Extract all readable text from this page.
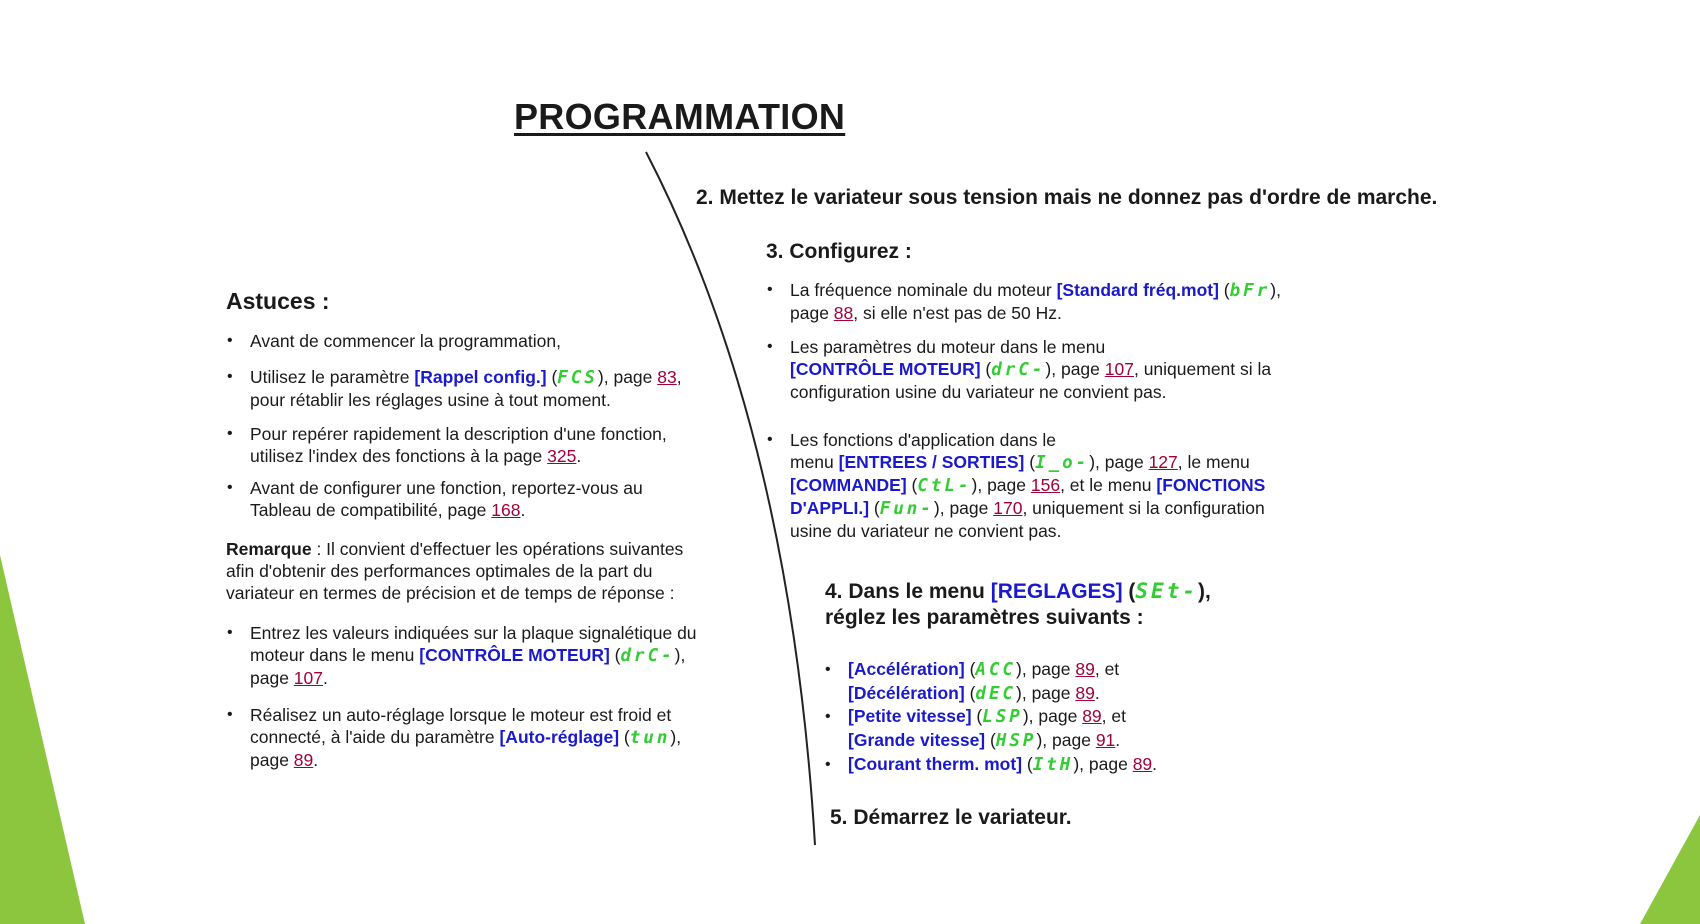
PROGRAMMATION
2. Mettez le variateur sous tension mais ne donnez pas d'ordre de marche.
3. Configurez :
• La fréquence nominale du moteur [Standard fréq.mot] (bFr),
page 88, si elle n'est pas de 50 Hz.
• Les paramètres du moteur dans le menu
[CONTRÔLE MOTEUR] (drC-), page 107, uniquement si la
configuration usine du variateur ne convient pas.
• Les fonctions d'application dans le
menu [ENTREES / SORTIES] (I_o-), page 127, le menu
[COMMANDE] (CtL-), page 156, et le menu [FONCTIONS
D'APPLI.] (Fun-), page 170, uniquement si la configuration
usine du variateur ne convient pas.
4. Dans le menu [REGLAGES] (SEt-),
réglez les paramètres suivants :
• [Accélération] (ACC), page 89, et
[Décélération] (dEC), page 89.
• [Petite vitesse] (LSP), page 89, et
[Grande vitesse] (HSP), page 91.
• [Courant therm. mot] (ItH), page 89.
5. Démarrez le variateur.
Astuces :
• Avant de commencer la programmation,
• Utilisez le paramètre [Rappel config.] (FCS), page 83,
pour rétablir les réglages usine à tout moment.
• Pour repérer rapidement la description d'une fonction,
utilisez l'index des fonctions à la page 325.
• Avant de configurer une fonction, reportez-vous au
Tableau de compatibilité, page 168.
Remarque : Il convient d'effectuer les opérations suivantes
afin d'obtenir des performances optimales de la part du
variateur en termes de précision et de temps de réponse :
• Entrez les valeurs indiquées sur la plaque signalétique du
moteur dans le menu [CONTRÔLE MOTEUR] (drC-),
page 107.
• Réalisez un auto-réglage lorsque le moteur est froid et
connecté, à l'aide du paramètre [Auto-réglage] (tun),
page 89.
